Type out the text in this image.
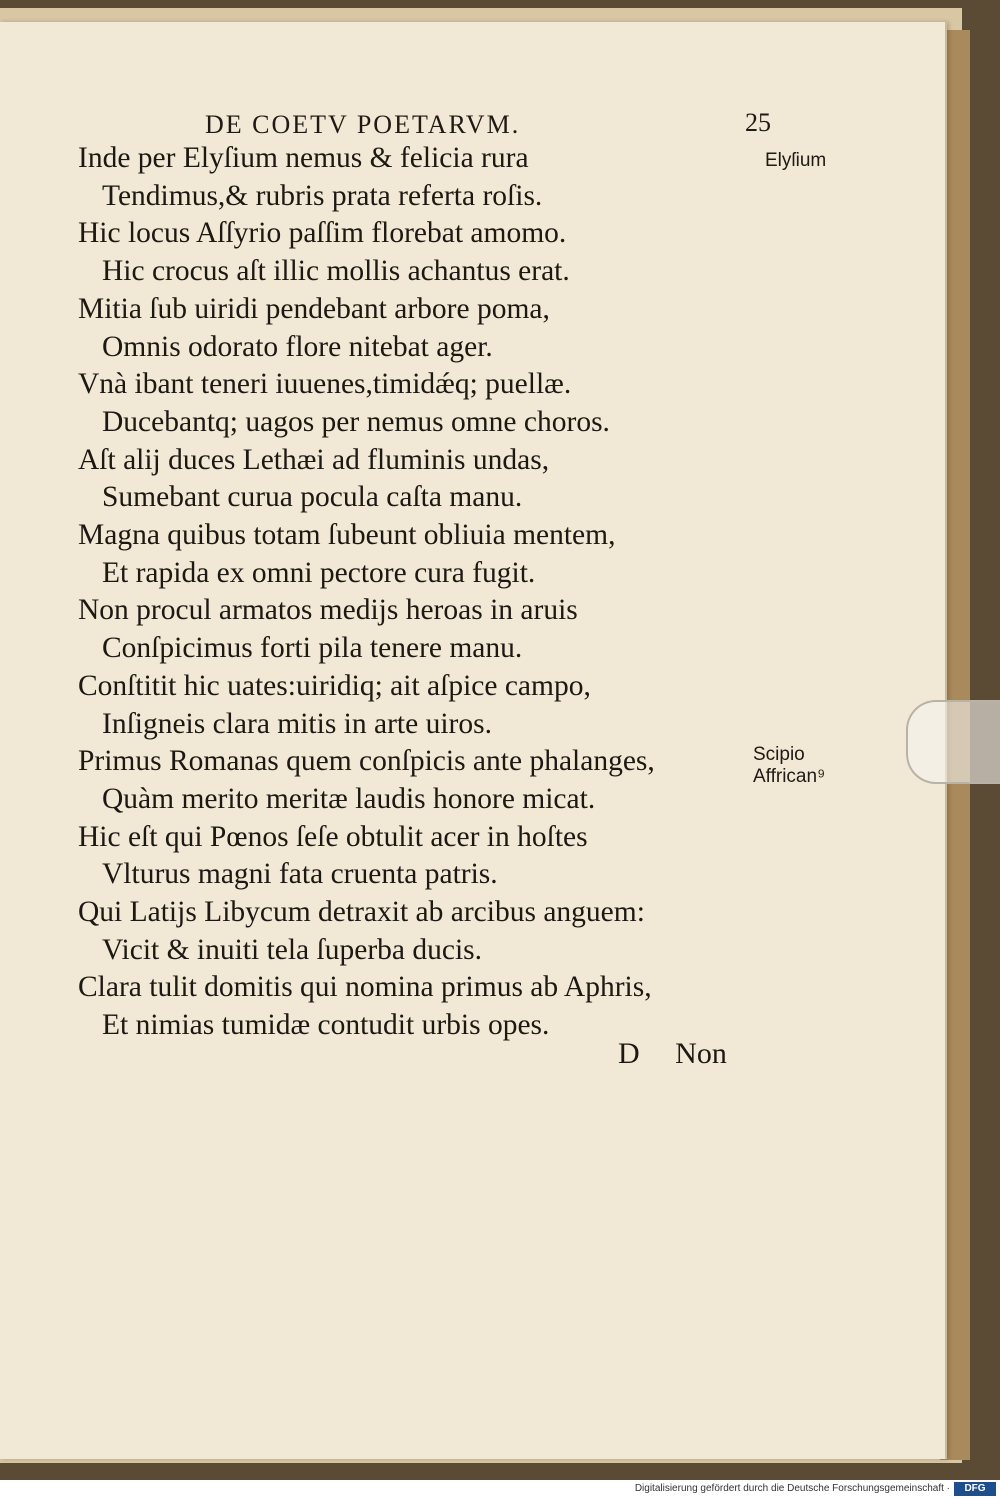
DE COETV POETARVM.	25
Inde per Elyſium nemus & felicia rura
Tendimus,& rubris prata referta roſis.
Hic locus Aſſyrio paſſim florebat amomo.
Hic crocus aſt illic mollis achantus erat.
Mitia ſub uiridi pendebant arbore poma,
Omnis odorato flore nitebat ager.
Vnà ibant teneri iuuenes,timidǽq; puellæ.
Ducebantq; uagos per nemus omne choros.
Aſt alij duces Lethæi ad fluminis undas,
Sumebant curua pocula caſta manu.
Magna quibus totam ſubeunt obliuia mentem,
Et rapida ex omni pectore cura fugit.
Non procul armatos medijs heroas in aruis
Conſpicimus forti pila tenere manu.
Conſtitit hic uates:uiridiq; ait aſpice campo,
Inſigneis clara mitis in arte uiros.
Primus Romanas quem conſpicis ante phalanges,
Quàm merito meritæ laudis honore micat.
Hic eſt qui Pœnos ſeſe obtulit acer in hoſtes
Vlturus magni fata cruenta patris.
Qui Latijs Libycum detraxit ab arcibus anguem:
Vicit & inuiti tela ſuperba ducis.
Clara tulit domitis qui nomina primus ab Aphris,
Et nimias tumidæ contudit urbis opes.
Elyſium
Scipio
Affrican⁹
D Non
Digitalisierung gefördert durch die Deutsche Forschungsgemeinschaft ·	DFG
